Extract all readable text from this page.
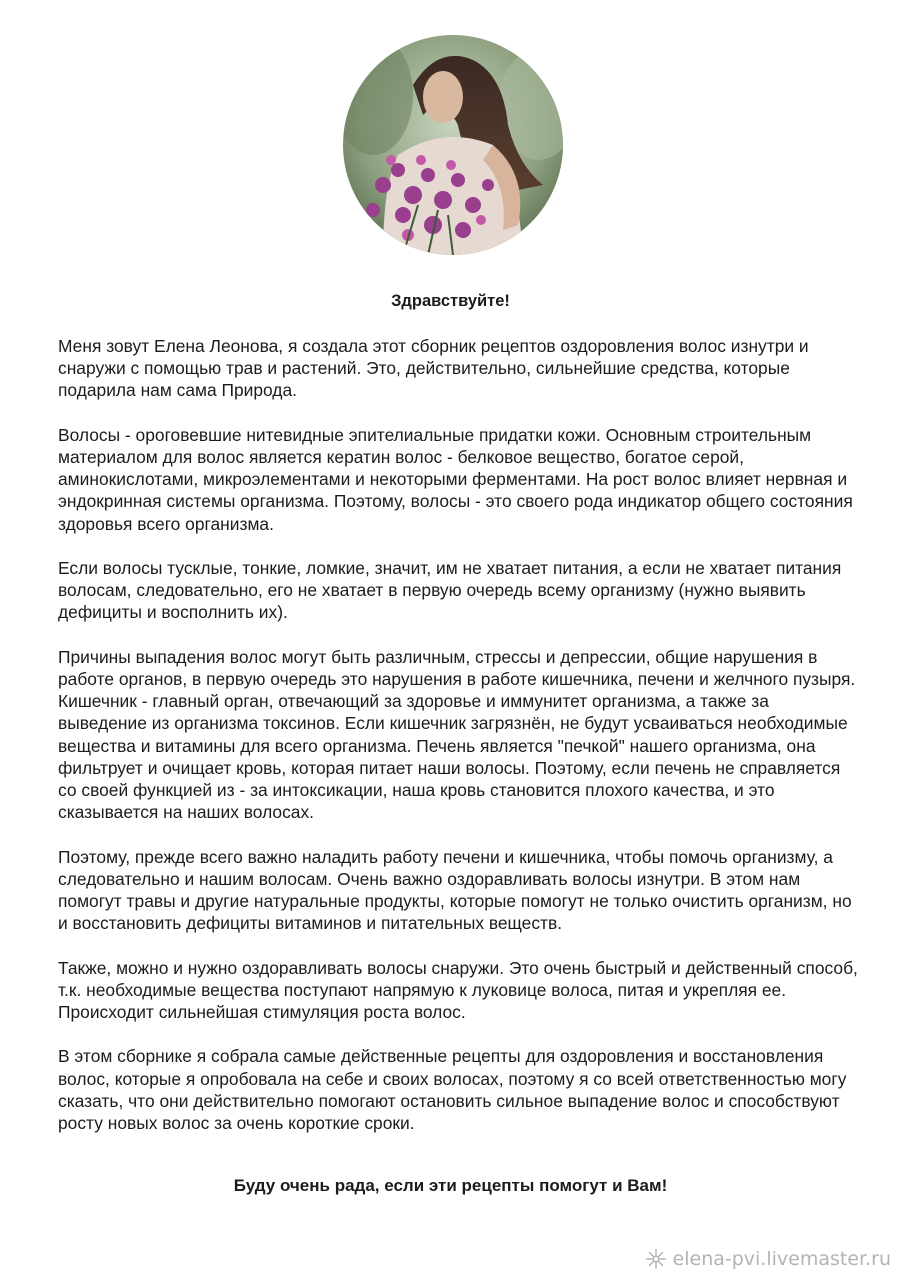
Здравствуйте!

Меня зовут Елена Леонова, я создала этот сборник рецептов оздоровления волос изнутри и снаружи с помощью трав и растений. Это, действительно, сильнейшие средства, которые подарила нам сама Природа.

Волосы - ороговевшие нитевидные эпителиальные придатки кожи. Основным строительным материалом для волос является кератин волос - белковое вещество, богатое серой, аминокислотами, микроэлементами и некоторыми ферментами. На рост волос влияет нервная и эндокринная системы организма. Поэтому, волосы - это своего рода индикатор общего состояния здоровья всего организма.

Если волосы тусклые, тонкие, ломкие, значит, им не хватает питания, а если не хватает питания волосам, следовательно, его не хватает в первую очередь всему организму (нужно выявить дефициты и восполнить их).

Причины выпадения волос могут быть различным, стрессы и депрессии, общие нарушения в работе органов, в первую очередь это нарушения в работе кишечника, печени и желчного пузыря. Кишечник - главный орган, отвечающий за здоровье и иммунитет организма, а также за выведение из организма токсинов. Если кишечник загрязнён, не будут усваиваться необходимые вещества и витамины для всего организма. Печень является "печкой" нашего организма, она фильтрует и очищает кровь, которая питает наши волосы. Поэтому, если печень не справляется со своей функцией из - за интоксикации, наша кровь становится плохого качества, и это сказывается на наших волосах.

Поэтому, прежде всего важно наладить работу печени и кишечника, чтобы помочь организму, а следовательно и нашим волосам. Очень важно оздоравливать волосы изнутри. В этом нам помогут травы и другие натуральные продукты, которые помогут не только очистить организм, но и восстановить дефициты витаминов и питательных веществ.

Также, можно и нужно оздоравливать волосы снаружи. Это очень быстрый и действенный способ, т.к. необходимые вещества поступают напрямую к луковице волоса, питая и укрепляя ее. Происходит сильнейшая стимуляция роста волос.

В этом сборнике я собрала самые действенные рецепты для оздоровления и восстановления волос, которые я опробовала на себе и своих волосах, поэтому я со всей ответственностью могу сказать, что они действительно помогают остановить сильное выпадение волос и способствуют росту новых волос за очень короткие сроки.

Буду очень рада, если эти рецепты помогут и Вам!

elena-pvi.livemaster.ru
